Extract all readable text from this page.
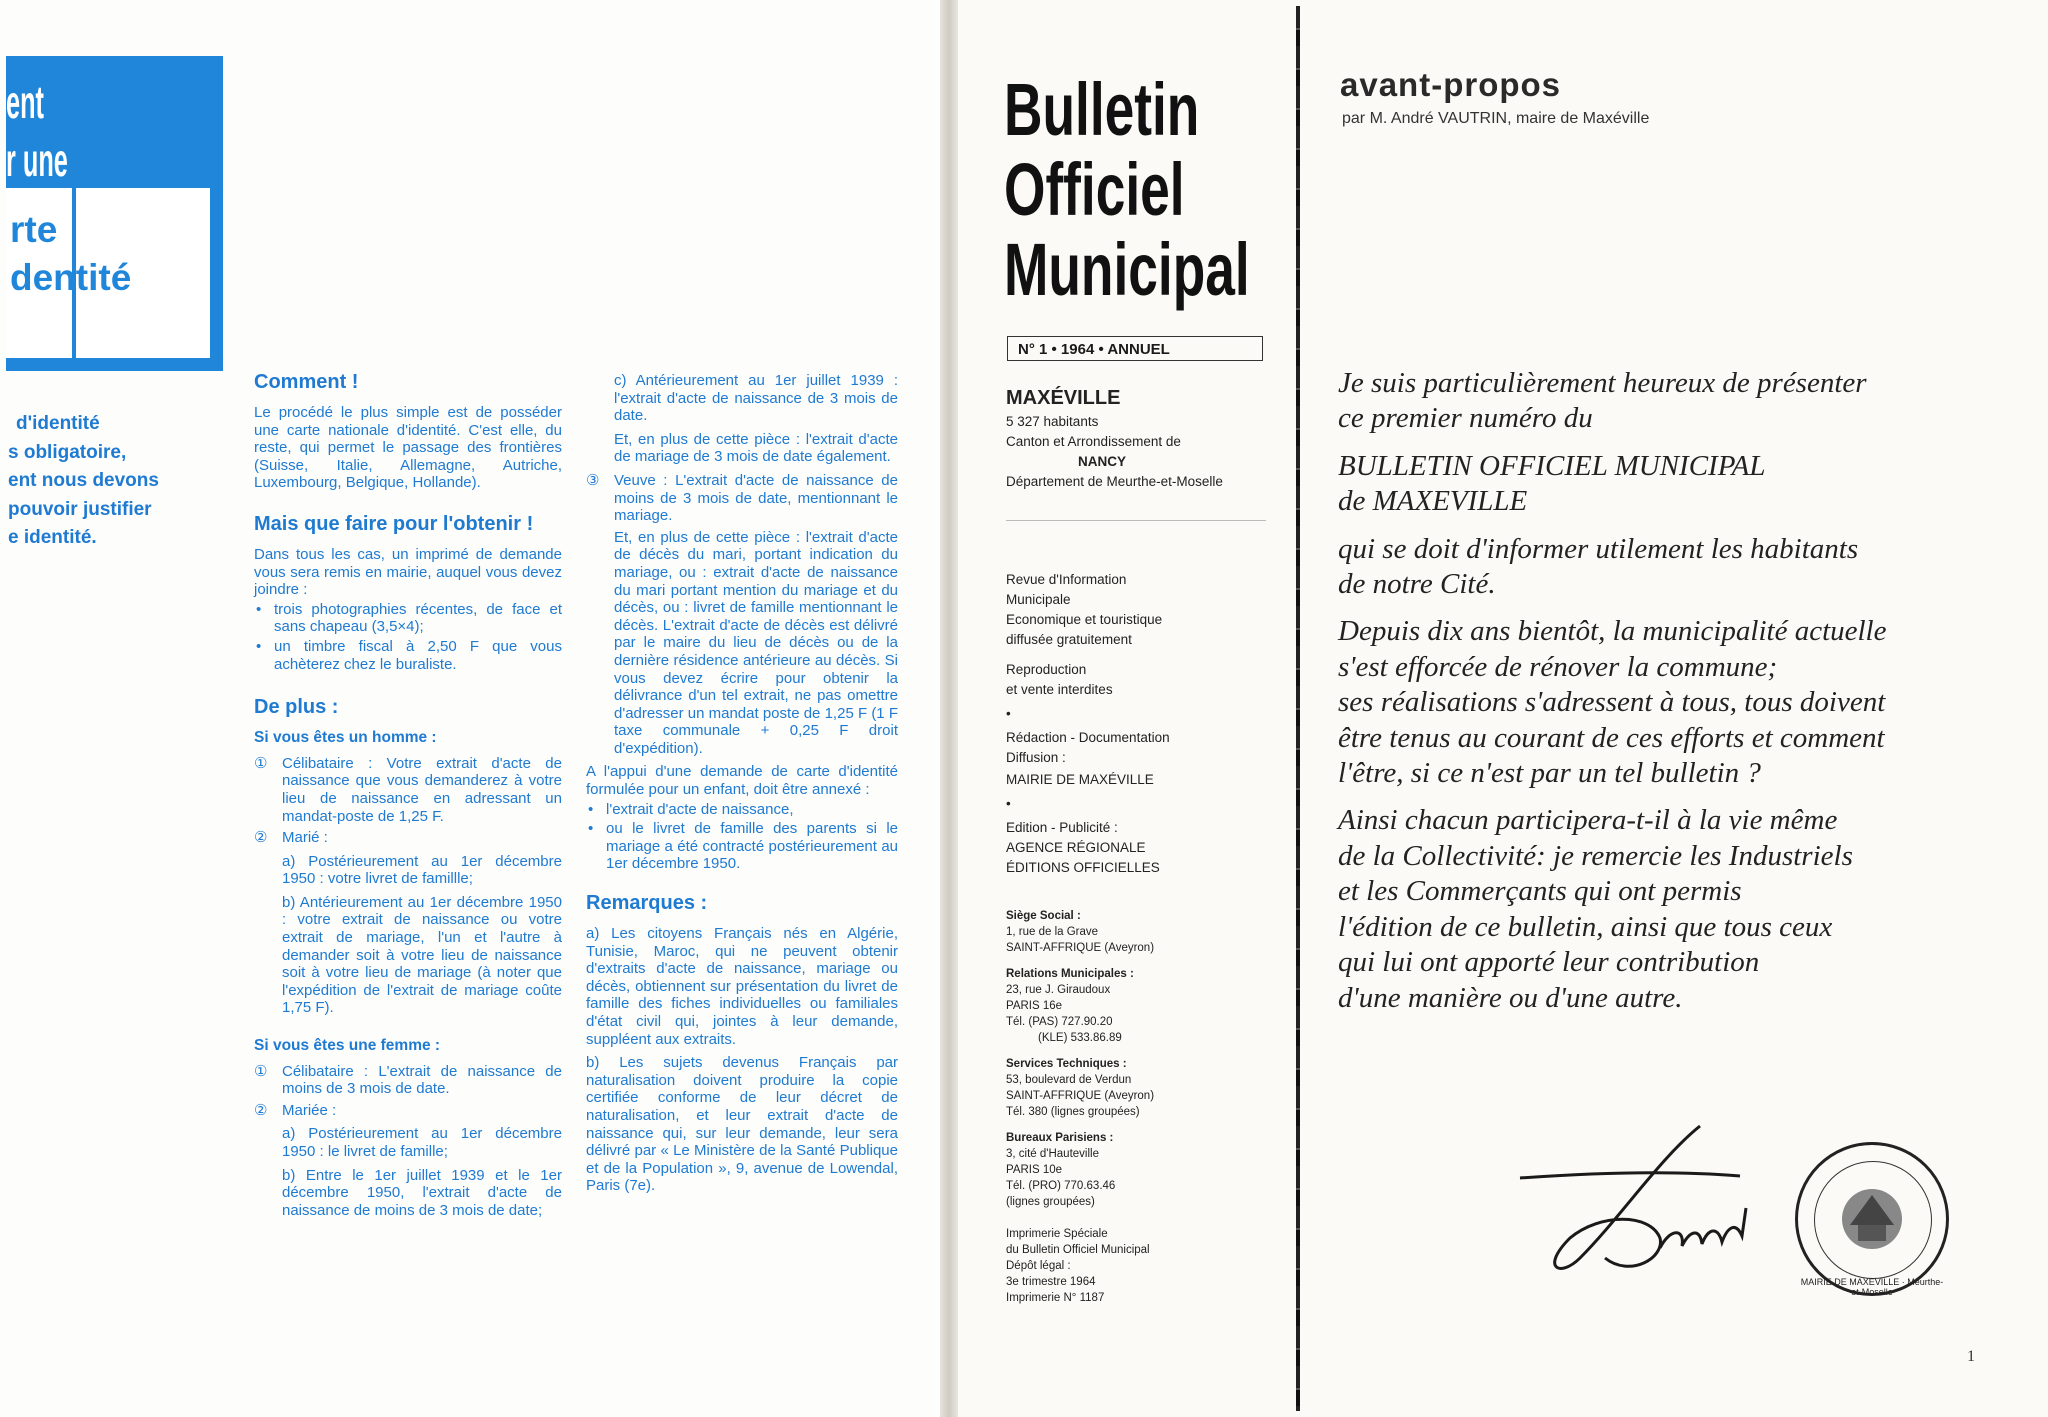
ent
r une
rte
dentité
d'identité
s obligatoire,
ent nous devons
pouvoir justifier
e identité.
Comment !

Le procédé le plus simple est de posséder une carte nationale d'identité. C'est elle, du reste, qui permet le passage des frontières (Suisse, Italie, Allemagne, Autriche, Luxembourg, Belgique, Hollande).

Mais que faire pour l'obtenir !

Dans tous les cas, un imprimé de demande vous sera remis en mairie, auquel vous devez joindre :

• trois photographies récentes, de face et sans chapeau (3,5×4);
• un timbre fiscal à 2,50 F que vous achèterez chez le buraliste.
De plus :
Si vous êtes un homme :
① Célibataire : Votre extrait d'acte de naissance que vous demanderez à votre lieu de naissance en adressant un mandat-poste de 1,25 F.
② Marié :
a) Postérieurement au 1er décembre 1950 : votre livret de famillle;
b) Antérieurement au 1er décembre 1950 : votre extrait de naissance ou votre extrait de mariage, l'un et l'autre à demander soit à votre lieu de naissance soit à votre lieu de mariage (à noter que l'expédition de l'extrait de mariage coûte 1,75 F).
Si vous êtes une femme :
① Célibataire : L'extrait de naissance de moins de 3 mois de date.
② Mariée :
a) Postérieurement au 1er décembre 1950 : le livret de famille;
b) Entre le 1er juillet 1939 et le 1er décembre 1950, l'extrait d'acte de naissance de moins de 3 mois de date;
c) Antérieurement au 1er juillet 1939 : l'extrait d'acte de naissance de 3 mois de date.
Et, en plus de cette pièce : l'extrait d'acte de mariage de 3 mois de date également.
③ Veuve : L'extrait d'acte de naissance de moins de 3 mois de date, mentionnant le mariage.
Et, en plus de cette pièce : l'extrait d'acte de décès du mari, portant indication du mariage, ou : extrait d'acte de naissance du mari portant mention du mariage et du décès, ou : livret de famille mentionnant le décès. L'extrait d'acte de décès est délivré par le maire du lieu de décès ou de la dernière résidence antérieure au décès. Si vous devez écrire pour obtenir la délivrance d'un tel extrait, ne pas omettre d'adresser un mandat poste de 1,25 F (1 F taxe communale + 0,25 F droit d'expédition).

A l'appui d'une demande de carte d'identité formulée pour un enfant, doit être annexé :

• l'extrait d'acte de naissance,
• ou le livret de famille des parents si le mariage a été contracté postérieurement au 1er décembre 1950.
Remarques :

a) Les citoyens Français nés en Algérie, Tunisie, Maroc, qui ne peuvent obtenir d'extraits d'acte de naissance, mariage ou décès, obtiennent sur présentation du livret de famille des fiches individuelles ou familiales d'état civil qui, jointes à leur demande, suppléent aux extraits.

b) Les sujets devenus Français par naturalisation doivent produire la copie certifiée conforme de leur décret de naturalisation, et leur extrait d'acte de naissance qui, sur leur demande, leur sera délivré par « Le Ministère de la Santé Publique et de la Population », 9, avenue de Lowendal, Paris (7e).

Bulletin
Officiel
Municipal
N° 1 • 1964 • ANNUEL
MAXÉVILLE
5 327 habitants
Canton et Arrondissement de
NANCY
Département de Meurthe-et-Moselle
Revue d'Information
Municipale
Economique et touristique
diffusée gratuitement
Reproduction
et vente interdites
•
Rédaction - Documentation
Diffusion :
MAIRIE DE MAXÉVILLE
•
Edition - Publicité :
AGENCE RÉGIONALE
ÉDITIONS OFFICIELLES
Siège Social :
1, rue de la Grave
SAINT-AFFRIQUE (Aveyron)
Relations Municipales :
23, rue J. Giraudoux
PARIS 16e
Tél. (PAS) 727.90.20
(KLE) 533.86.89
Services Techniques :
53, boulevard de Verdun
SAINT-AFFRIQUE (Aveyron)
Tél. 380 (lignes groupées)
Bureaux Parisiens :
3, cité d'Hauteville
PARIS 10e
Tél. (PRO) 770.63.46
(lignes groupées)
Imprimerie Spéciale
du Bulletin Officiel Municipal
Dépôt légal :
3e trimestre 1964
Imprimerie N° 1187
avant-propos
par M. André VAUTRIN, maire de Maxéville

Je suis particulièrement heureux de présenter
ce premier numéro du

BULLETIN OFFICIEL MUNICIPAL
de MAXEVILLE

qui se doit d'informer utilement les habitants
de notre Cité.

Depuis dix ans bientôt, la municipalité actuelle
s'est efforcée de rénover la commune;
ses réalisations s'adressent à tous, tous doivent
être tenus au courant de ces efforts et comment
l'être, si ce n'est par un tel bulletin ?

Ainsi chacun participera-t-il à la vie même
de la Collectivité: je remercie les Industriels
et les Commerçants qui ont permis
l'édition de ce bulletin, ainsi que tous ceux
qui lui ont apporté leur contribution
d'une manière ou d'une autre.

MAIRIE DE MAXEVILLE · Meurthe-et-Moselle
1
